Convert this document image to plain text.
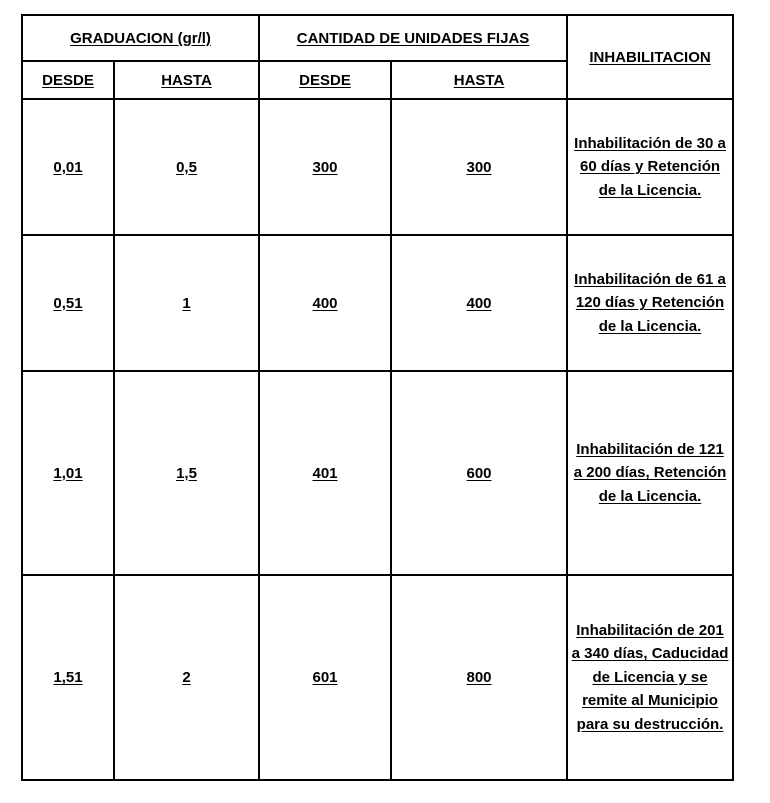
GRADUACION (gr/l)		CANTIDAD DE UNIDADES FIJAS		INHABILITACION
DESDE	HASTA	DESDE	HASTA	
0,01	0,5	300	300	Inhabilitación de 30 a 60 días y Retención de la Licencia.
0,51	1	400	400	Inhabilitación de 61 a 120 días y Retención de la Licencia.
1,01	1,5	401	600	Inhabilitación de 121 a 200 días, Retención de la Licencia.
1,51	2	601	800	Inhabilitación de 201 a 340 días, Caducidad de Licencia y se remite al Municipio para su destrucción.
